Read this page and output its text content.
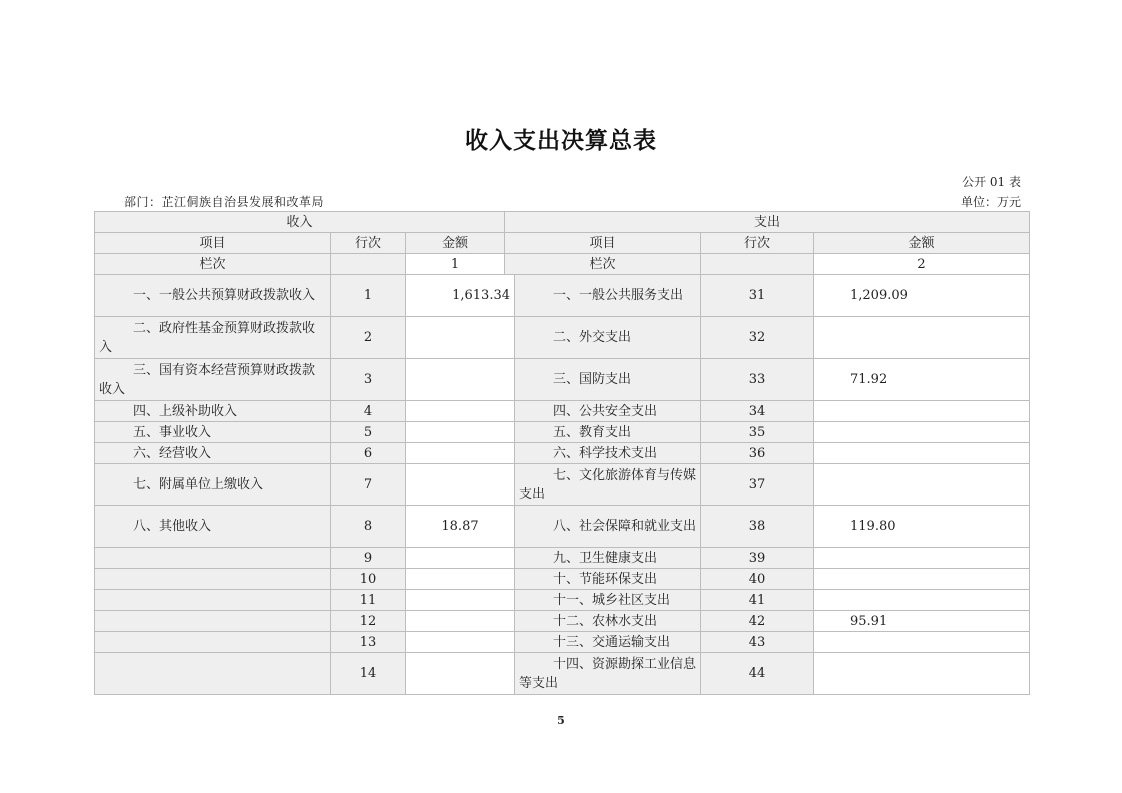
收入支出决算总表
公开 01 表
部门：芷江侗族自治县发展和改革局	单位：万元
收入			支出			
项目	行次	金额	项目		行次	金额
栏次		1	栏次			2
一、一般公共预算财政拨款收入	1	1,613.34		一、一般公共服务支出	31	1,209.09
二、政府性基金预算财政拨款收入	2			二、外交支出	32	
三、国有资本经营预算财政拨款收入	3			三、国防支出	33	71.92
四、上级补助收入	4			四、公共安全支出	34	
五、事业收入	5			五、教育支出	35	
六、经营收入	6			六、科学技术支出	36	
七、附属单位上缴收入	7			七、文化旅游体育与传媒支出	37	
八、其他收入	8	18.87		八、社会保障和就业支出	38	119.80
	9			九、卫生健康支出	39	
	10			十、节能环保支出	40	
	11			十一、城乡社区支出	41	
	12			十二、农林水支出	42	95.91
	13			十三、交通运输支出	43	
	14			十四、资源勘探工业信息等支出	44	
5
